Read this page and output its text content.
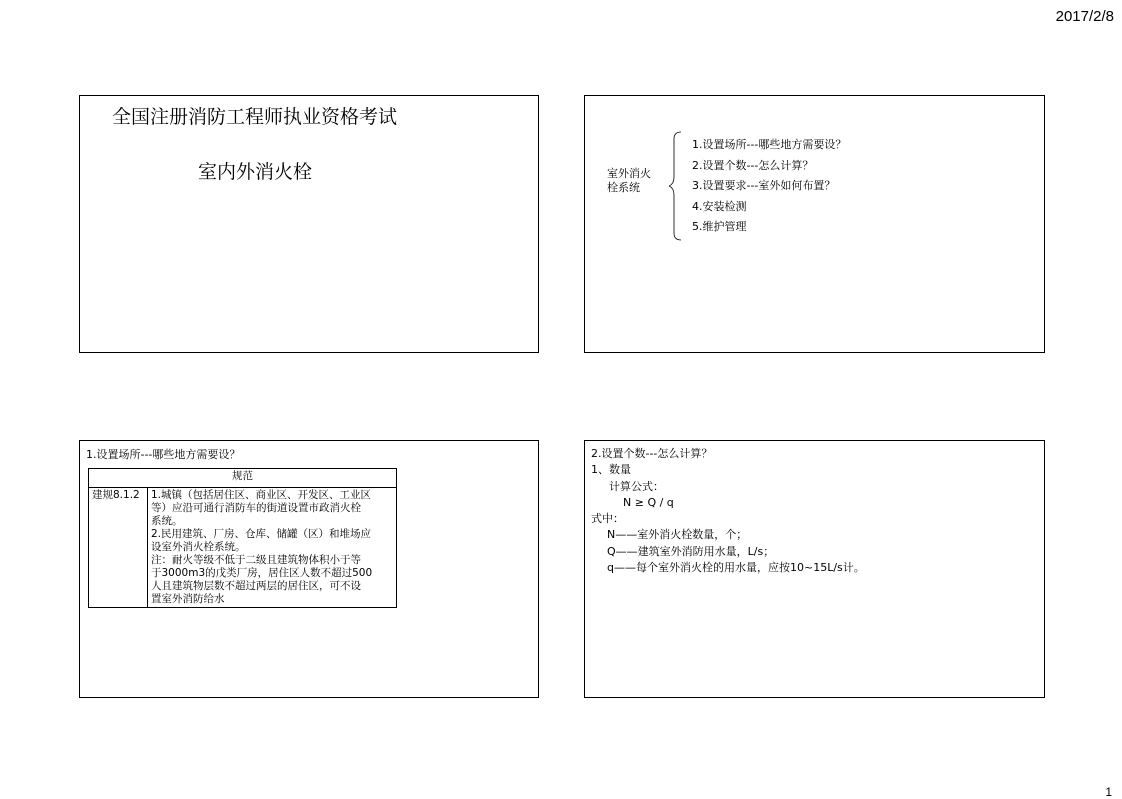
2017/2/8
全国注册消防工程师执业资格考试
室内外消火栓	室外消火栓系统
1.设置场所---哪些地方需要设？
2.设置个数---怎么计算？
3.设置要求---室外如何布置？
4.安装检测
5.维护管理
1.设置场所---哪些地方需要设？
规范
建规8.1.2	1.城镇（包括居住区、商业区、开发区、工业区
等）应沿可通行消防车的街道设置市政消火栓
系统。
2.民用建筑、厂房、仓库、储罐（区）和堆场应
设室外消火栓系统。
注：耐火等级不低于二级且建筑物体积小于等
于3000m3的戊类厂房，居住区人数不超过500
人且建筑物层数不超过两层的居住区，可不设
置室外消防给水
2.设置个数---怎么计算？
1、数量
计算公式：
N ≥ Q / q
式中：
N——室外消火栓数量，个；
Q——建筑室外消防用水量，L/s；
q——每个室外消火栓的用水量，应按10~15L/s计。
1
